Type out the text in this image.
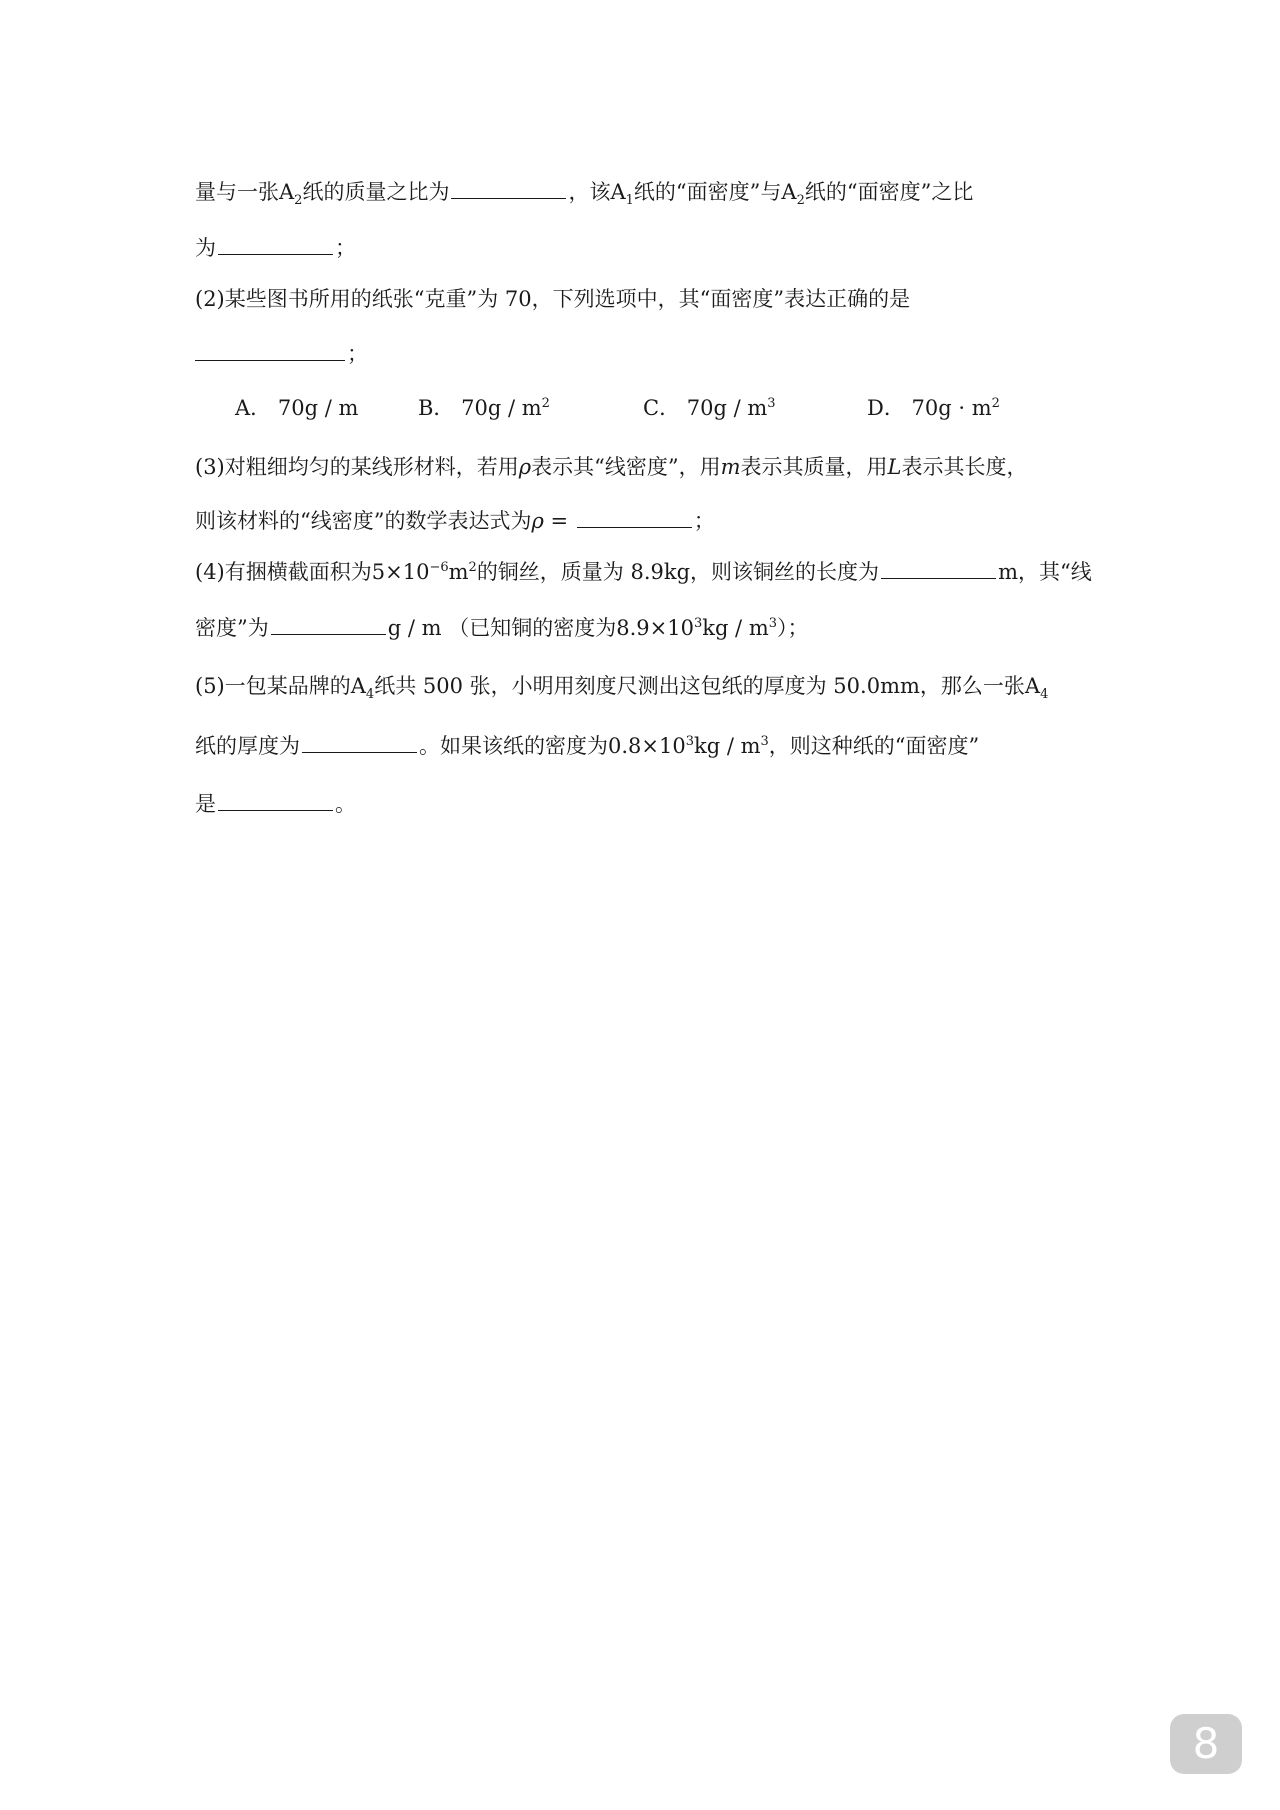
量与一张$A_2$纸的质量之比为	，该$A_1$纸的“面密度”与$A_2$纸的“面密度”之比
为	；
(2)某些图书所用的纸张“克重”为 70，下列选项中，其“面密度”表达正确的是
；
A． 70g / m	B． $70g / m^2$	C． $70g / m^3$	D． $70g \cdot m^2$
(3)对粗细均匀的某线形材料，若用ρ表示其“线密度”，用m表示其质量，用L表示其长度，
则该材料的“线密度”的数学表达式为ρ =	；
(4)有捆横截面积为$5\times 10^{-6}m^2$的铜丝，质量为 8.9kg，则该铜丝的长度为	m，其“线
密度”为	g / m （已知铜的密度为$8.9\times 10^3kg / m^3$）；
(5)一包某品牌的$A_4$纸共 500 张，小明用刻度尺测出这包纸的厚度为 50.0mm，那么一张$A_4$
纸的厚度为	。如果该纸的密度为$0.8\times 10^3kg / m^3$，则这种纸的“面密度”
是	。
8
